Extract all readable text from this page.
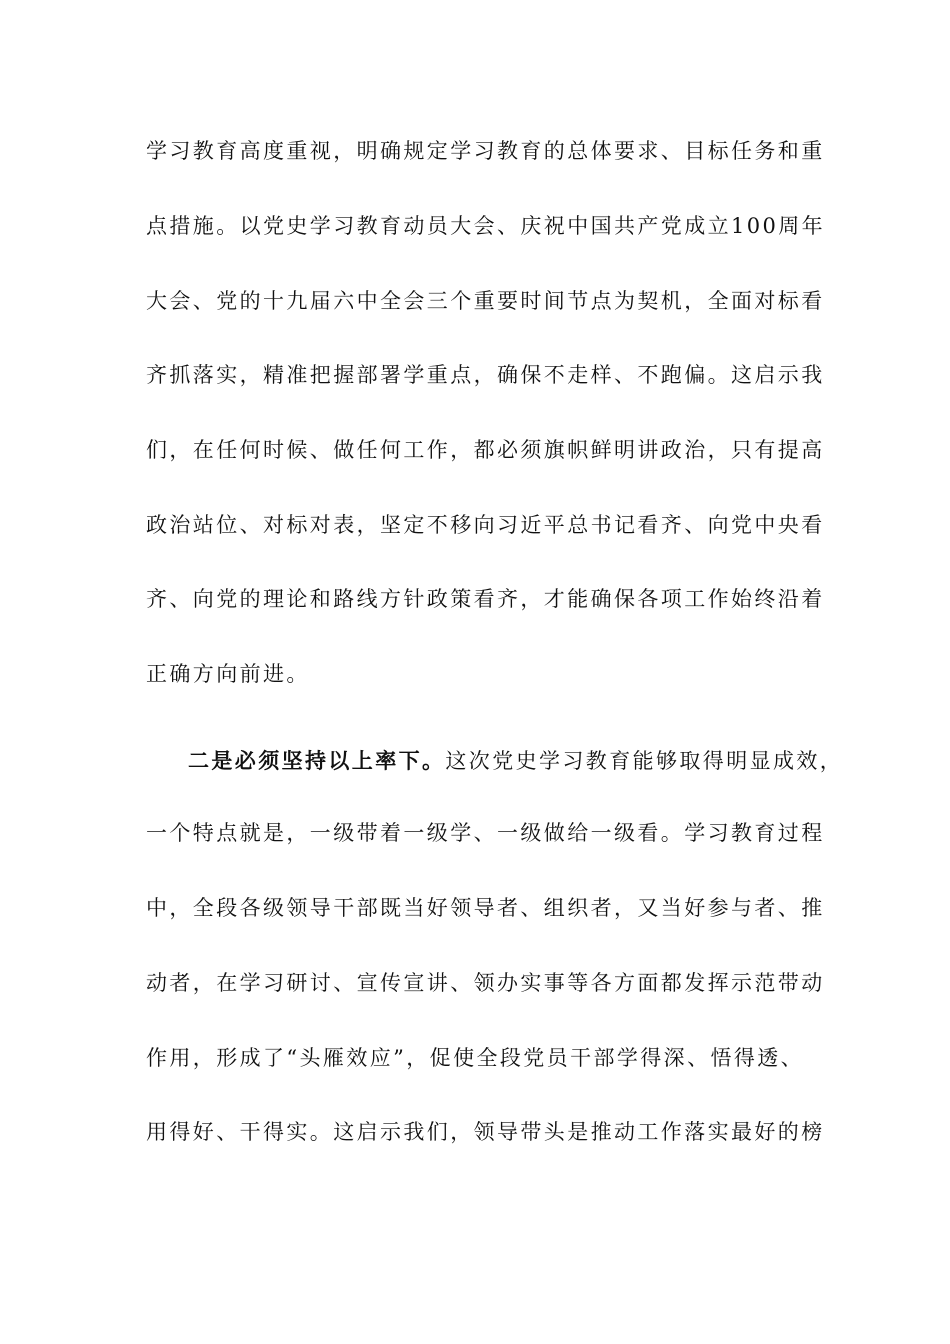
学习教育高度重视，明确规定学习教育的总体要求、目标任务和重
点措施。以党史学习教育动员大会、庆祝中国共产党成立100周年
大会、党的十九届六中全会三个重要时间节点为契机，全面对标看
齐抓落实，精准把握部署学重点，确保不走样、不跑偏。这启示我
们，在任何时候、做任何工作，都必须旗帜鲜明讲政治，只有提高
政治站位、对标对表，坚定不移向习近平总书记看齐、向党中央看
齐、向党的理论和路线方针政策看齐，才能确保各项工作始终沿着
正确方向前进。
二是必须坚持以上率下。这次党史学习教育能够取得明显成效，
一个特点就是，一级带着一级学、一级做给一级看。学习教育过程
中，全段各级领导干部既当好领导者、组织者，又当好参与者、推
动者，在学习研讨、宣传宣讲、领办实事等各方面都发挥示范带动
作用，形成了“头雁效应”，促使全段党员干部学得深、悟得透、
用得好、干得实。这启示我们，领导带头是推动工作落实最好的榜
